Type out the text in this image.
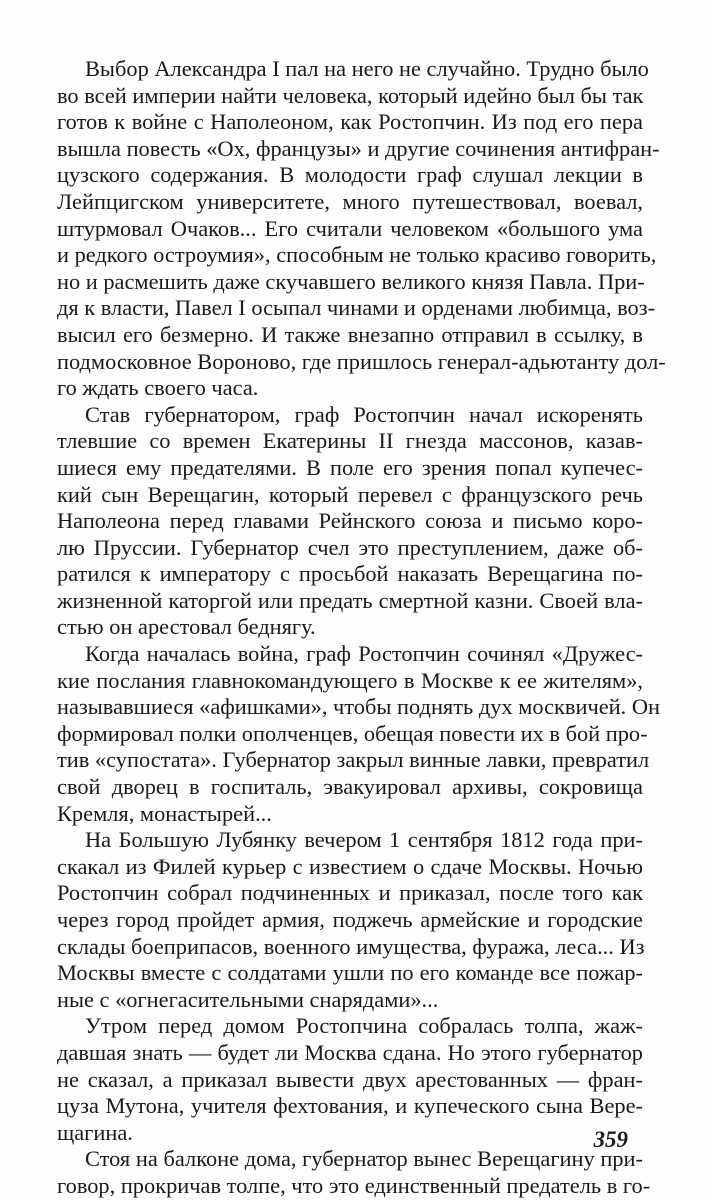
Выбор Александра I пал на него не случайно. Трудно было
во всей империи найти человека, который идейно был бы так
готов к войне с Наполеоном, как Ростопчин. Из под его пера
вышла повесть «Ох, французы» и другие сочинения антифран-
цузского содержания. В молодости граф слушал лекции в
Лейпцигском университете, много путешествовал, воевал,
штурмовал Очаков... Его считали человеком «большого ума
и редкого остроумия», способным не только красиво говорить,
но и расмешить даже скучавшего великого князя Павла. При-
дя к власти, Павел I осыпал чинами и орденами любимца, воз-
высил его безмерно. И также внезапно отправил в ссылку, в
подмосковное Вороново, где пришлось генерал-адьютанту дол-
го ждать своего часа.
Став губернатором, граф Ростопчин начал искоренять
тлевшие со времен Екатерины II гнезда массонов, казав-
шиеся ему предателями. В поле его зрения попал купечес-
кий сын Верещагин, который перевел с французского речь
Наполеона перед главами Рейнского союза и письмо коро-
лю Пруссии. Губернатор счел это преступлением, даже об-
ратился к императору с просьбой наказать Верещагина по-
жизненной каторгой или предать смертной казни. Своей вла-
стью он арестовал беднягу.
Когда началась война, граф Ростопчин сочинял «Дружес-
кие послания главнокомандующего в Москве к ее жителям»,
называвшиеся «афишками», чтобы поднять дух москвичей. Он
формировал полки ополченцев, обещая повести их в бой про-
тив «супостата». Губернатор закрыл винные лавки, превратил
свой дворец в госпиталь, эвакуировал архивы, сокровища
Кремля, монастырей...
На Большую Лубянку вечером 1 сентября 1812 года при-
скакал из Филей курьер с известием о сдаче Москвы. Ночью
Ростопчин собрал подчиненных и приказал, после того как
через город пройдет армия, поджечь армейские и городские
склады боеприпасов, военного имущества, фуража, леса... Из
Москвы вместе с солдатами ушли по его команде все пожар-
ные с «огнегасительными снарядами»...
Утром перед домом Ростопчина собралась толпа, жаж-
давшая знать — будет ли Москва сдана. Но этого губернатор
не сказал, а приказал вывести двух арестованных — фран-
цуза Мутона, учителя фехтования, и купеческого сына Вере-
щагина.
Стоя на балконе дома, губернатор вынес Верещагину при-
говор, прокричав толпе, что это единственный предатель в го-
359
